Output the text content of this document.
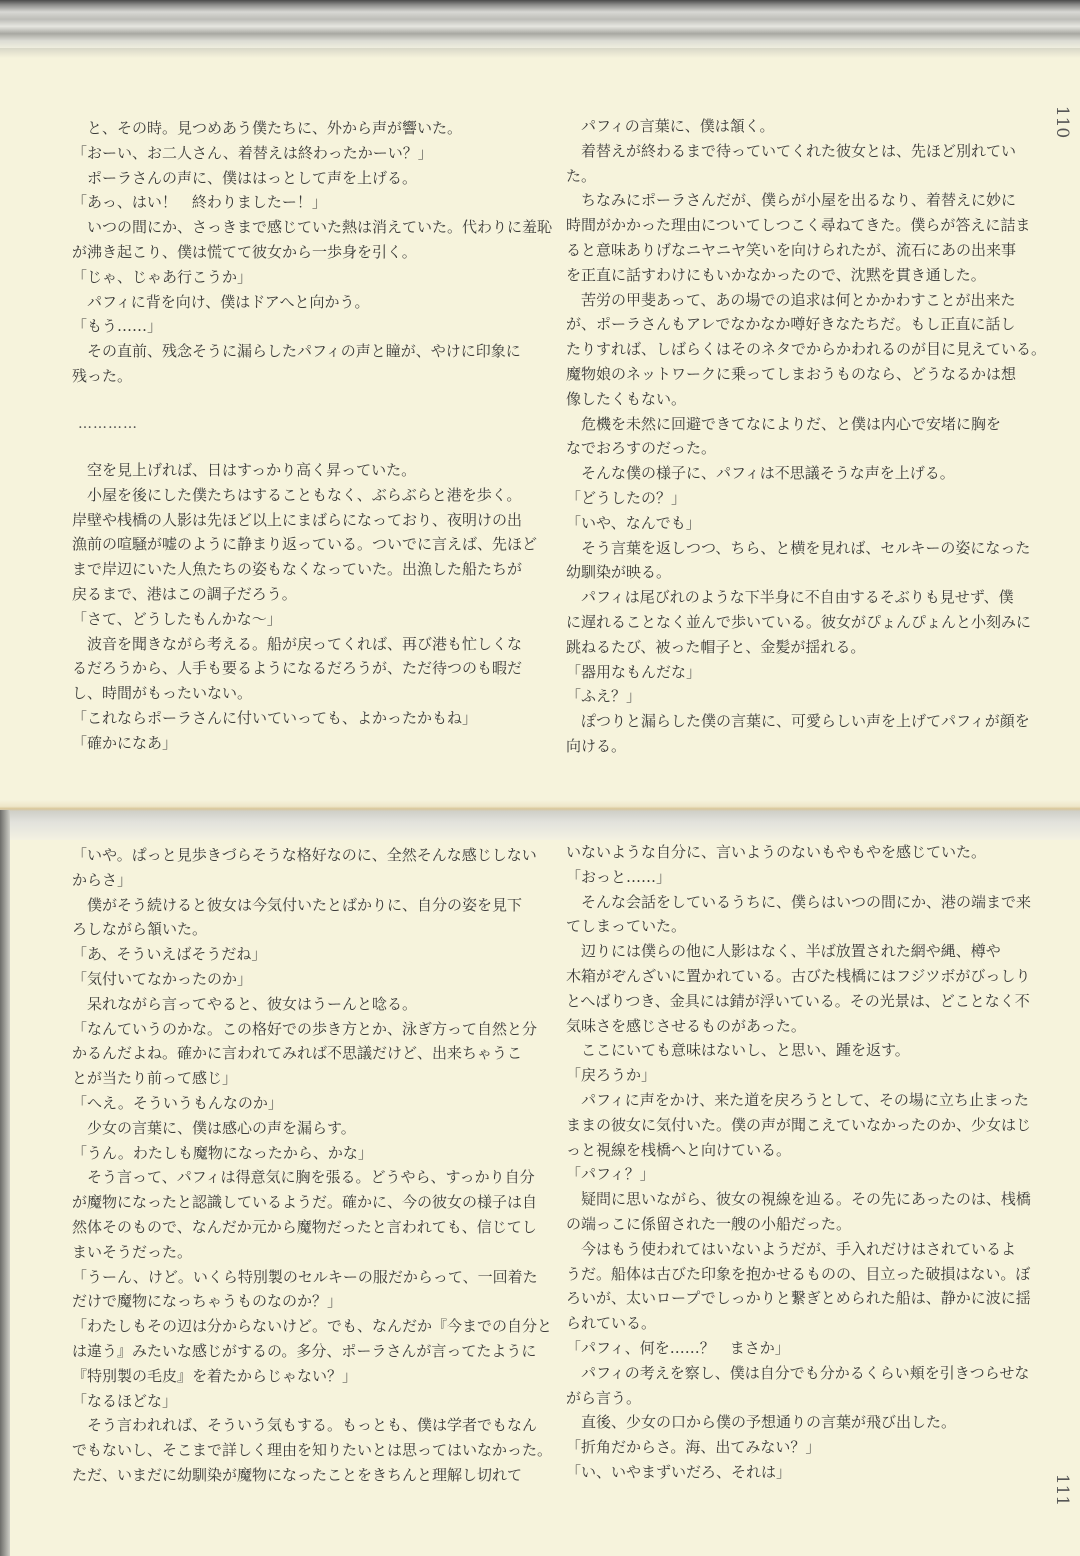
110
111
　と、その時。見つめあう僕たちに、外から声が響いた。
「おーい、お二人さん、着替えは終わったかーい？」
　ポーラさんの声に、僕ははっとして声を上げる。
「あっ、はい！　終わりましたー！」
　いつの間にか、さっきまで感じていた熱は消えていた。代わりに羞恥
が沸き起こり、僕は慌てて彼女から一歩身を引く。
「じゃ、じゃあ行こうか」
　パフィに背を向け、僕はドアへと向かう。
「もう……」
　その直前、残念そうに漏らしたパフィの声と瞳が、やけに印象に
残った。
…………
　空を見上げれば、日はすっかり高く昇っていた。
　小屋を後にした僕たちはすることもなく、ぶらぶらと港を歩く。
岸壁や桟橋の人影は先ほど以上にまばらになっており、夜明けの出
漁前の喧騒が嘘のように静まり返っている。ついでに言えば、先ほど
まで岸辺にいた人魚たちの姿もなくなっていた。出漁した船たちが
戻るまで、港はこの調子だろう。
「さて、どうしたもんかな～」
　波音を聞きながら考える。船が戻ってくれば、再び港も忙しくな
るだろうから、人手も要るようになるだろうが、ただ待つのも暇だ
し、時間がもったいない。
「これならポーラさんに付いていっても、よかったかもね」
「確かになあ」
　パフィの言葉に、僕は頷く。
　着替えが終わるまで待っていてくれた彼女とは、先ほど別れてい
た。
　ちなみにポーラさんだが、僕らが小屋を出るなり、着替えに妙に
時間がかかった理由についてしつこく尋ねてきた。僕らが答えに詰ま
ると意味ありげなニヤニヤ笑いを向けられたが、流石にあの出来事
を正直に話すわけにもいかなかったので、沈黙を貫き通した。
　苦労の甲斐あって、あの場での追求は何とかかわすことが出来た
が、ポーラさんもアレでなかなか噂好きなたちだ。もし正直に話し
たりすれば、しばらくはそのネタでからかわれるのが目に見えている。
魔物娘のネットワークに乗ってしまおうものなら、どうなるかは想
像したくもない。
　危機を未然に回避できてなによりだ、と僕は内心で安堵に胸を
なでおろすのだった。
　そんな僕の様子に、パフィは不思議そうな声を上げる。
「どうしたの？」
「いや、なんでも」
　そう言葉を返しつつ、ちら、と横を見れば、セルキーの姿になった
幼馴染が映る。
　パフィは尾びれのような下半身に不自由するそぶりも見せず、僕
に遅れることなく並んで歩いている。彼女がぴょんぴょんと小刻みに
跳ねるたび、被った帽子と、金髪が揺れる。
「器用なもんだな」
「ふえ？」
　ぽつりと漏らした僕の言葉に、可愛らしい声を上げてパフィが顔を
向ける。
「いや。ぱっと見歩きづらそうな格好なのに、全然そんな感じしない
からさ」
　僕がそう続けると彼女は今気付いたとばかりに、自分の姿を見下
ろしながら頷いた。
「あ、そういえばそうだね」
「気付いてなかったのか」
　呆れながら言ってやると、彼女はうーんと唸る。
「なんていうのかな。この格好での歩き方とか、泳ぎ方って自然と分
かるんだよね。確かに言われてみれば不思議だけど、出来ちゃうこ
とが当たり前って感じ」
「へえ。そういうもんなのか」
　少女の言葉に、僕は感心の声を漏らす。
「うん。わたしも魔物になったから、かな」
　そう言って、パフィは得意気に胸を張る。どうやら、すっかり自分
が魔物になったと認識しているようだ。確かに、今の彼女の様子は自
然体そのもので、なんだか元から魔物だったと言われても、信じてし
まいそうだった。
「うーん、けど。いくら特別製のセルキーの服だからって、一回着た
だけで魔物になっちゃうものなのか？」
「わたしもその辺は分からないけど。でも、なんだか『今までの自分と
は違う』みたいな感じがするの。多分、ポーラさんが言ってたように
『特別製の毛皮』を着たからじゃない？」
「なるほどな」
　そう言われれば、そういう気もする。もっとも、僕は学者でもなん
でもないし、そこまで詳しく理由を知りたいとは思ってはいなかった。
ただ、いまだに幼馴染が魔物になったことをきちんと理解し切れて
いないような自分に、言いようのないもやもやを感じていた。
「おっと……」
　そんな会話をしているうちに、僕らはいつの間にか、港の端まで来
てしまっていた。
　辺りには僕らの他に人影はなく、半ば放置された網や縄、樽や
木箱がぞんざいに置かれている。古びた桟橋にはフジツボがびっしり
とへばりつき、金具には錆が浮いている。その光景は、どことなく不
気味さを感じさせるものがあった。
　ここにいても意味はないし、と思い、踵を返す。
「戻ろうか」
　パフィに声をかけ、来た道を戻ろうとして、その場に立ち止まった
ままの彼女に気付いた。僕の声が聞こえていなかったのか、少女はじ
っと視線を桟橋へと向けている。
「パフィ？」
　疑問に思いながら、彼女の視線を辿る。その先にあったのは、桟橋
の端っこに係留された一艘の小船だった。
　今はもう使われてはいないようだが、手入れだけはされているよ
うだ。船体は古びた印象を抱かせるものの、目立った破損はない。ぼ
ろいが、太いロープでしっかりと繋ぎとめられた船は、静かに波に揺
られている。
「パフィ、何を……？　まさか」
　パフィの考えを察し、僕は自分でも分かるくらい頬を引きつらせな
がら言う。
　直後、少女の口から僕の予想通りの言葉が飛び出した。
「折角だからさ。海、出てみない？」
「い、いやまずいだろ、それは」
